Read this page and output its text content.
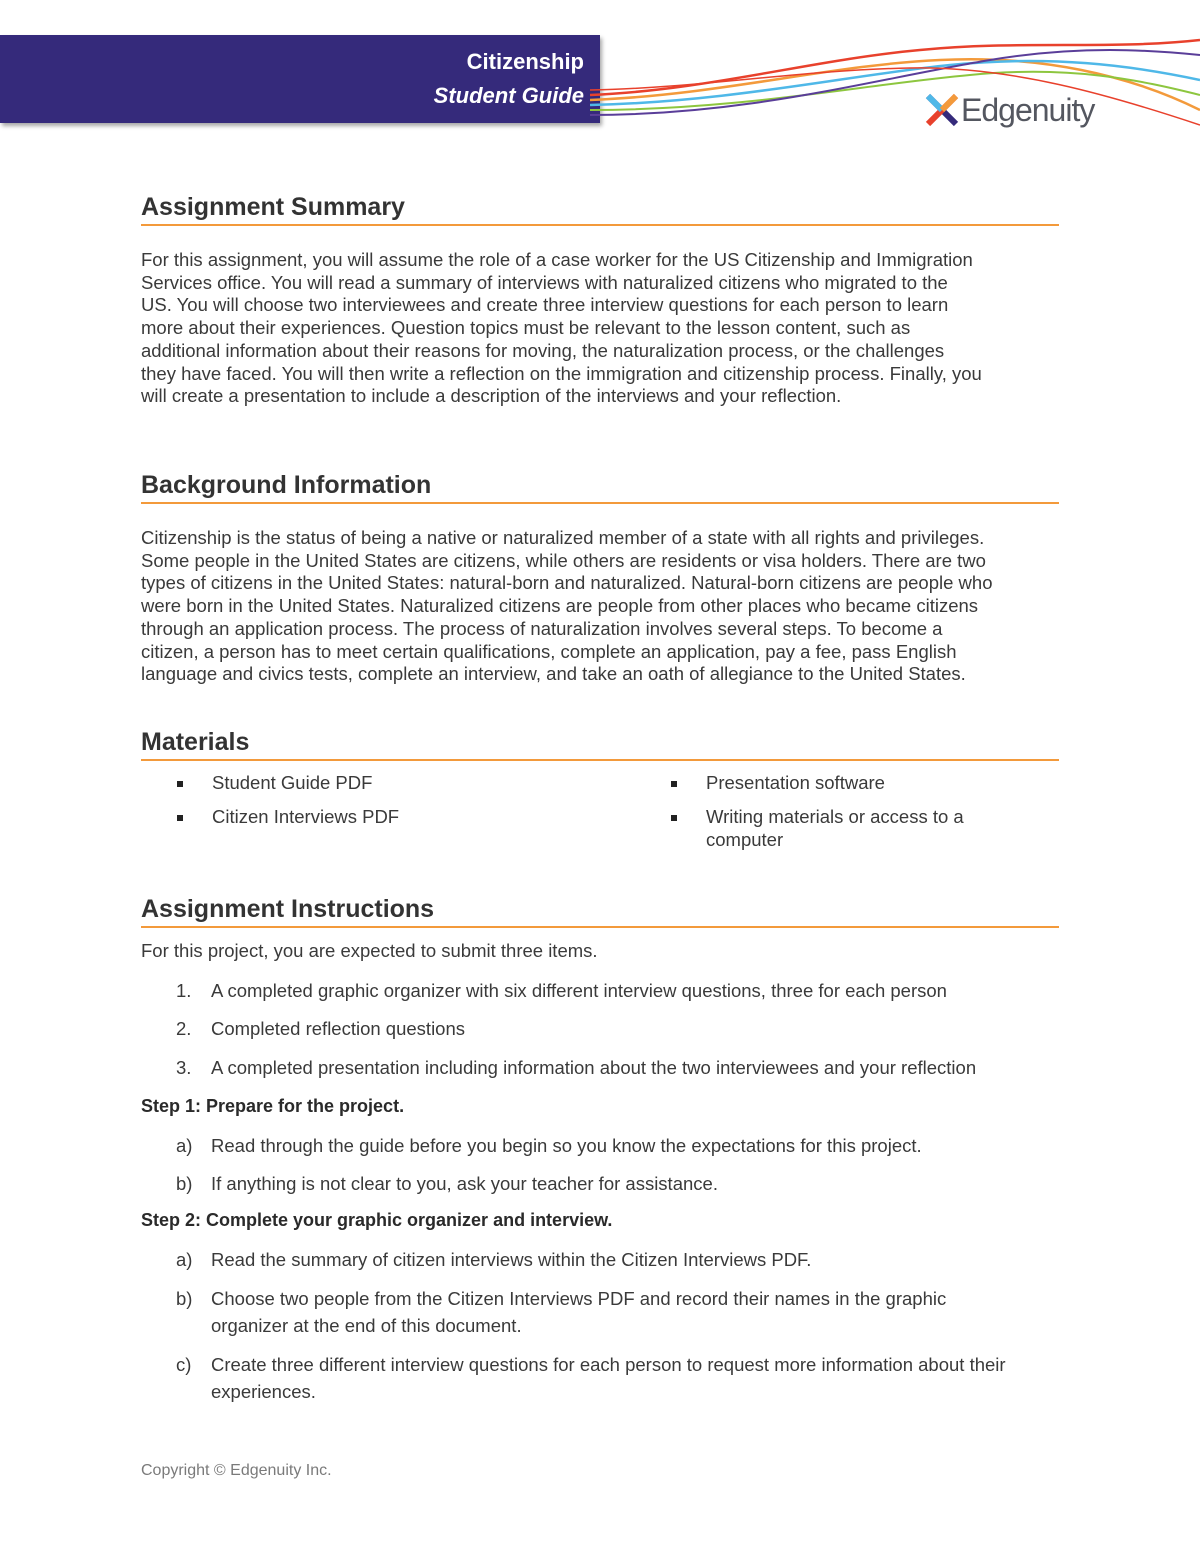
Citizenship
Student Guide	Edgenuity
Assignment Summary
For this assignment, you will assume the role of a case worker for the US Citizenship and Immigration
Services office. You will read a summary of interviews with naturalized citizens who migrated to the
US. You will choose two interviewees and create three interview questions for each person to learn
more about their experiences. Question topics must be relevant to the lesson content, such as
additional information about their reasons for moving, the naturalization process, or the challenges
they have faced. You will then write a reflection on the immigration and citizenship process. Finally, you
will create a presentation to include a description of the interviews and your reflection.
Background Information
Citizenship is the status of being a native or naturalized member of a state with all rights and privileges.
Some people in the United States are citizens, while others are residents or visa holders. There are two
types of citizens in the United States: natural-born and naturalized. Natural-born citizens are people who
were born in the United States. Naturalized citizens are people from other places who became citizens
through an application process. The process of naturalization involves several steps. To become a
citizen, a person has to meet certain qualifications, complete an application, pay a fee, pass English
language and civics tests, complete an interview, and take an oath of allegiance to the United States.
Materials
Student Guide PDF
Citizen Interviews PDF
Presentation software
Writing materials or access to a
computer
Assignment Instructions
For this project, you are expected to submit three items.
1. A completed graphic organizer with six different interview questions, three for each person
2. Completed reflection questions
3. A completed presentation including information about the two interviewees and your reflection
Step 1: Prepare for the project.
a) Read through the guide before you begin so you know the expectations for this project.
b) If anything is not clear to you, ask your teacher for assistance.
Step 2: Complete your graphic organizer and interview.
a) Read the summary of citizen interviews within the Citizen Interviews PDF.
b) Choose two people from the Citizen Interviews PDF and record their names in the graphic
organizer at the end of this document.
c) Create three different interview questions for each person to request more information about their
experiences.
Copyright © Edgenuity Inc.
